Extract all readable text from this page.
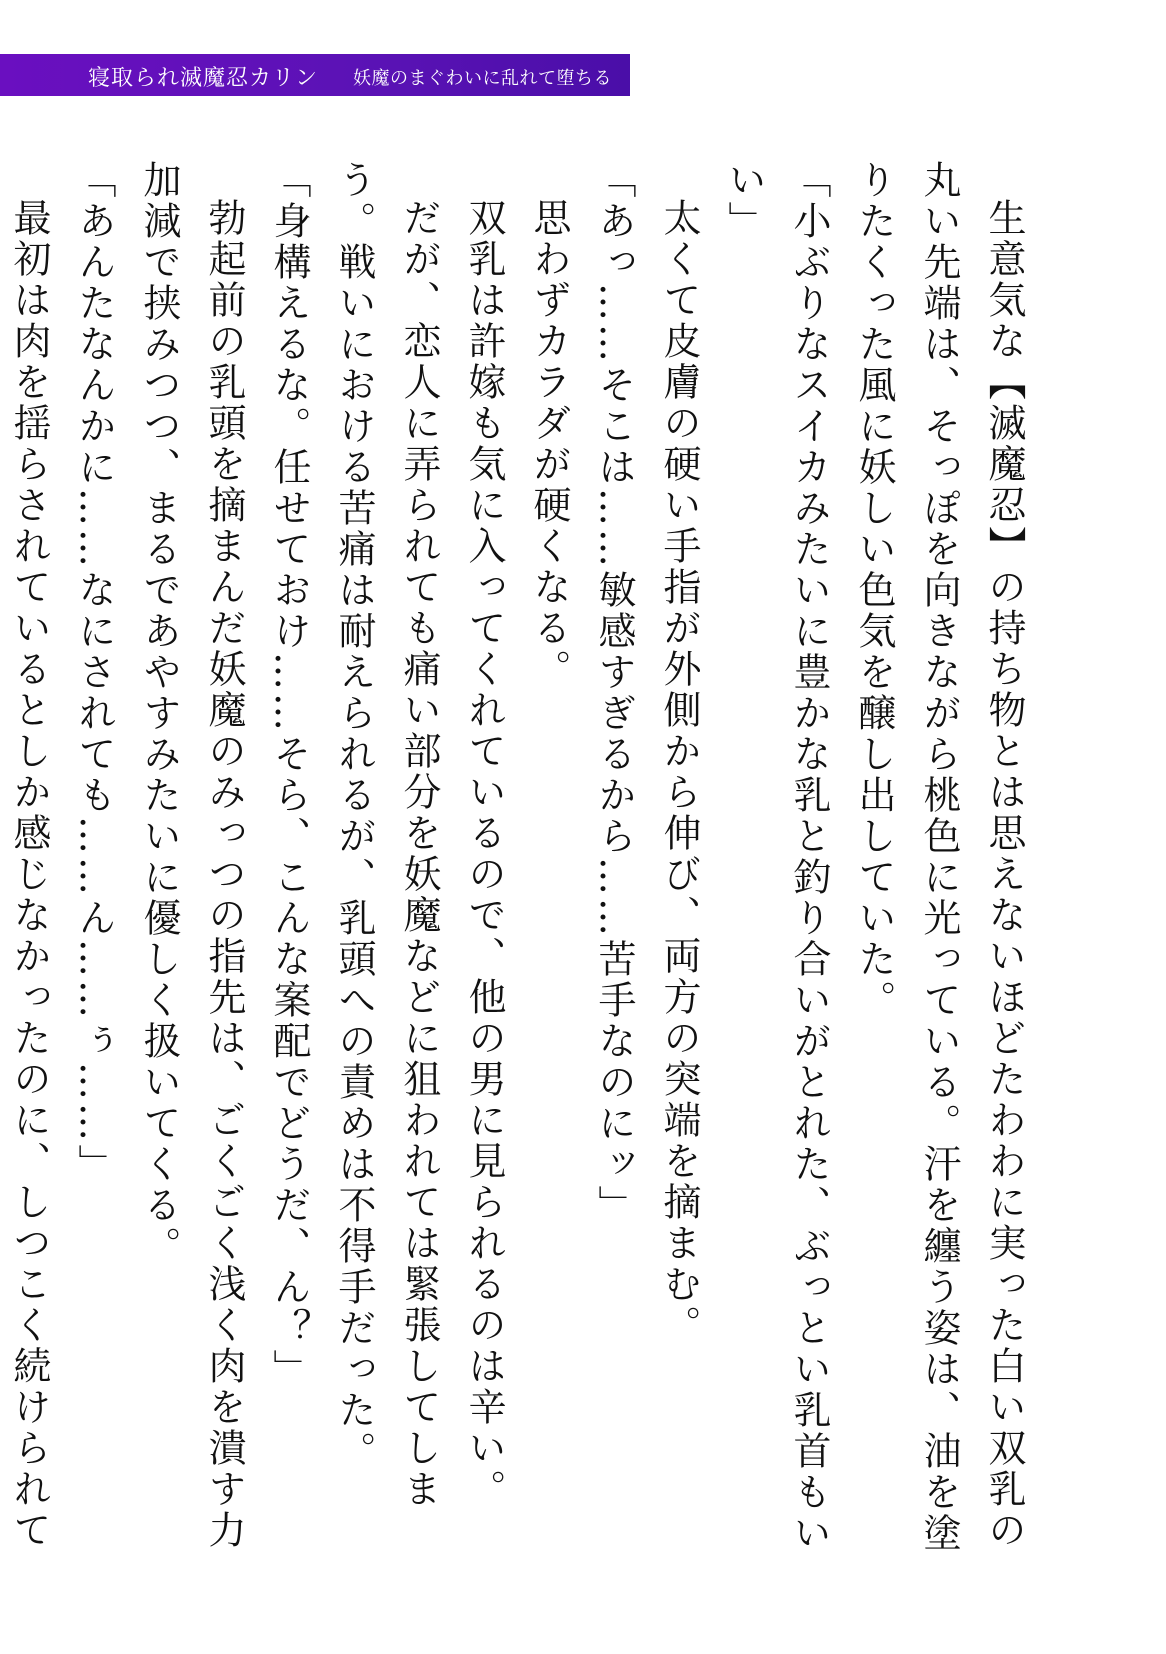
寝取られ滅魔忍カリン 妖魔のまぐわいに乱れて堕ちる

生意気な【滅魔忍】の持ち物とは思えないほどたわわに実った白い双乳の丸い先端は、そっぽを向きながら桃色に光っている。汗を纏う姿は、油を塗りたくった風に妖しい色気を醸し出していた。

「小ぶりなスイカみたいに豊かな乳と釣り合いがとれた、ぶっとい乳首もいい」

太くて皮膚の硬い手指が外側から伸び、両方の突端を摘まむ。

「あっ……そこは……敏感すぎるから……苦手なのにッ」

思わずカラダが硬くなる。

双乳は許嫁も気に入ってくれているので、他の男に見られるのは辛い。

だが、恋人に弄られても痛い部分を妖魔などに狙われては緊張してしまう。戦いにおける苦痛は耐えられるが、乳頭への責めは不得手だった。

「身構えるな。任せておけ……そら、こんな案配でどうだ、ん？」

勃起前の乳頭を摘まんだ妖魔のみっつの指先は、ごくごく浅く肉を潰す力加減で挟みつつ、まるであやすみたいに優しく扱いてくる。

「あんたなんかに……なにされても……ん……ぅ……」

最初は肉を揺らされているとしか感じなかったのに、しつこく続けられて
